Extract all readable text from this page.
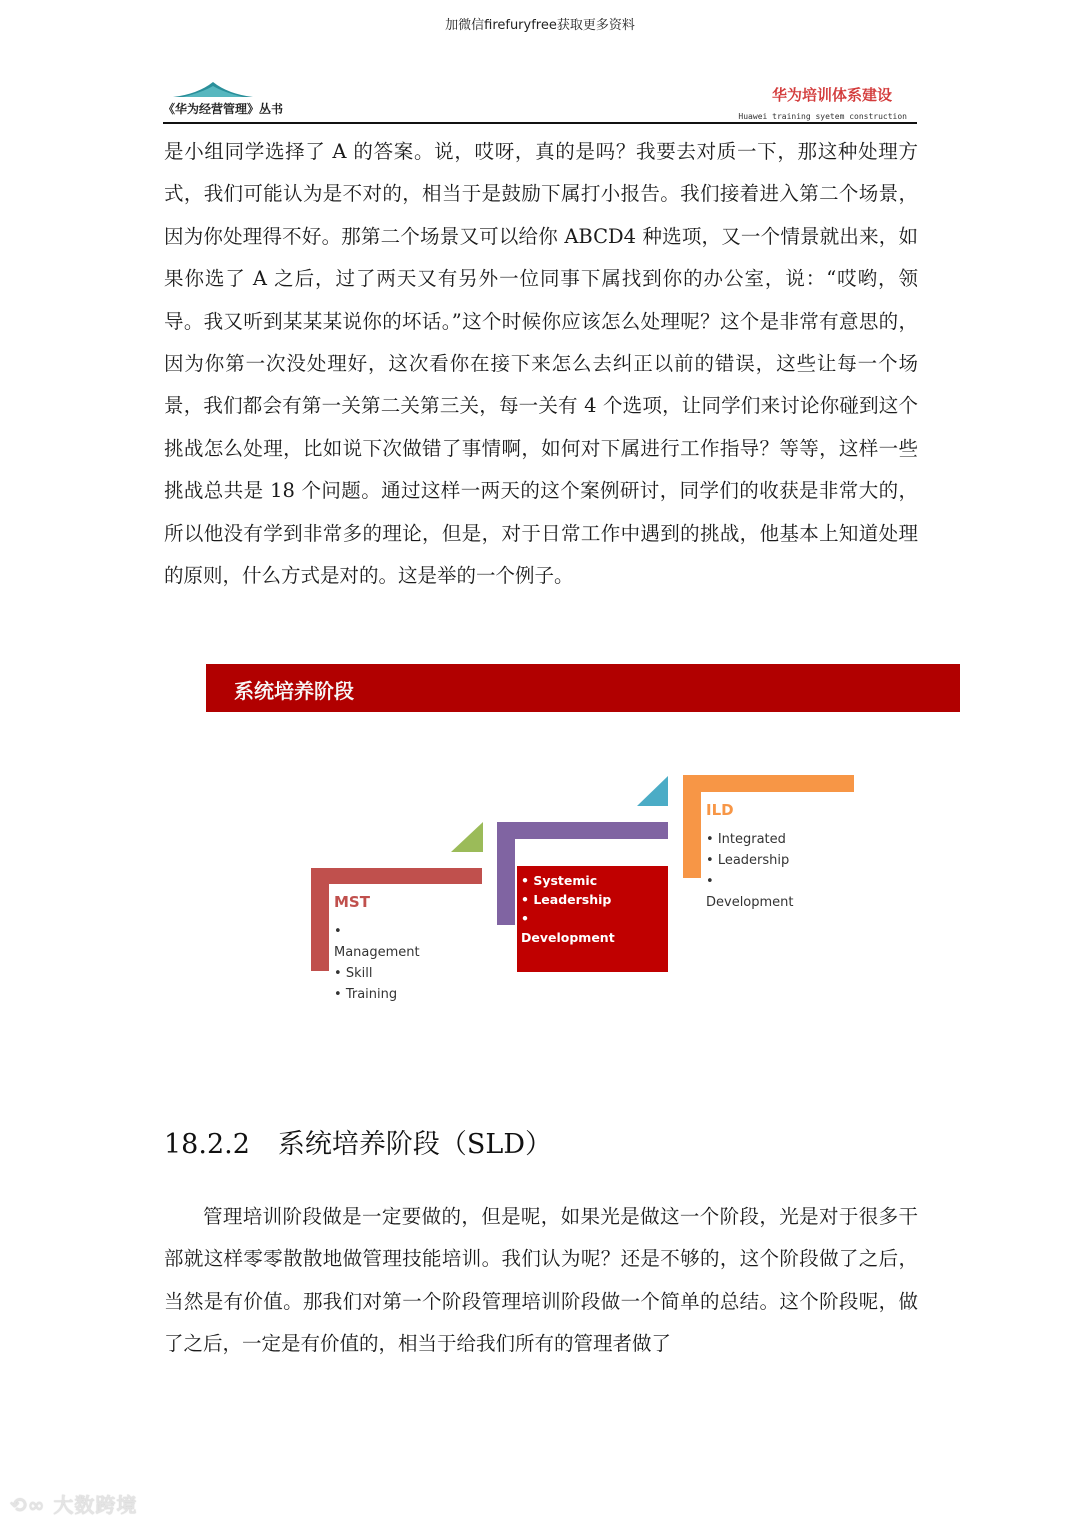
加微信firefuryfree获取更多资料
《华为经营管理》丛书
华为培训体系建设
Huawei training syetem construction

是小组同学选择了 A 的答案。说，哎呀，真的是吗？我要去对质一下，那这种处理方式，我们可能认为是不对的，相当于是鼓励下属打小报告。我们接着进入第二个场景，因为你处理得不好。那第二个场景又可以给你 ABCD4 种选项，又一个情景就出来，如果你选了 A 之后，过了两天又有另外一位同事下属找到你的办公室，说：“哎哟，领导。我又听到某某某说你的坏话。”这个时候你应该怎么处理呢？这个是非常有意思的，因为你第一次没处理好，这次看你在接下来怎么去纠正以前的错误，这些让每一个场景，我们都会有第一关第二关第三关，每一关有 4 个选项，让同学们来讨论你碰到这个挑战怎么处理，比如说下次做错了事情啊，如何对下属进行工作指导？等等，这样一些挑战总共是 18 个问题。通过这样一两天的这个案例研讨，同学们的收获是非常大的，所以他没有学到非常多的理论，但是，对于日常工作中遇到的挑战，他基本上知道处理的原则，什么方式是对的。这是举的一个例子。

系统培养阶段
MST
• Management
• Skill
• Training
• Systemic
• Leadership
• Development
ILD
• Integrated
• Leadership
• Development
18.2.2 系统培养阶段（SLD）

管理培训阶段做是一定要做的，但是呢，如果光是做这一个阶段，光是对于很多干部就这样零零散散地做管理技能培训。我们认为呢？还是不够的，这个阶段做了之后，当然是有价值。那我们对第一个阶段管理培训阶段做一个简单的总结。这个阶段呢，做了之后，一定是有价值的，相当于给我们所有的管理者做了

⟲∞ 大数跨境
